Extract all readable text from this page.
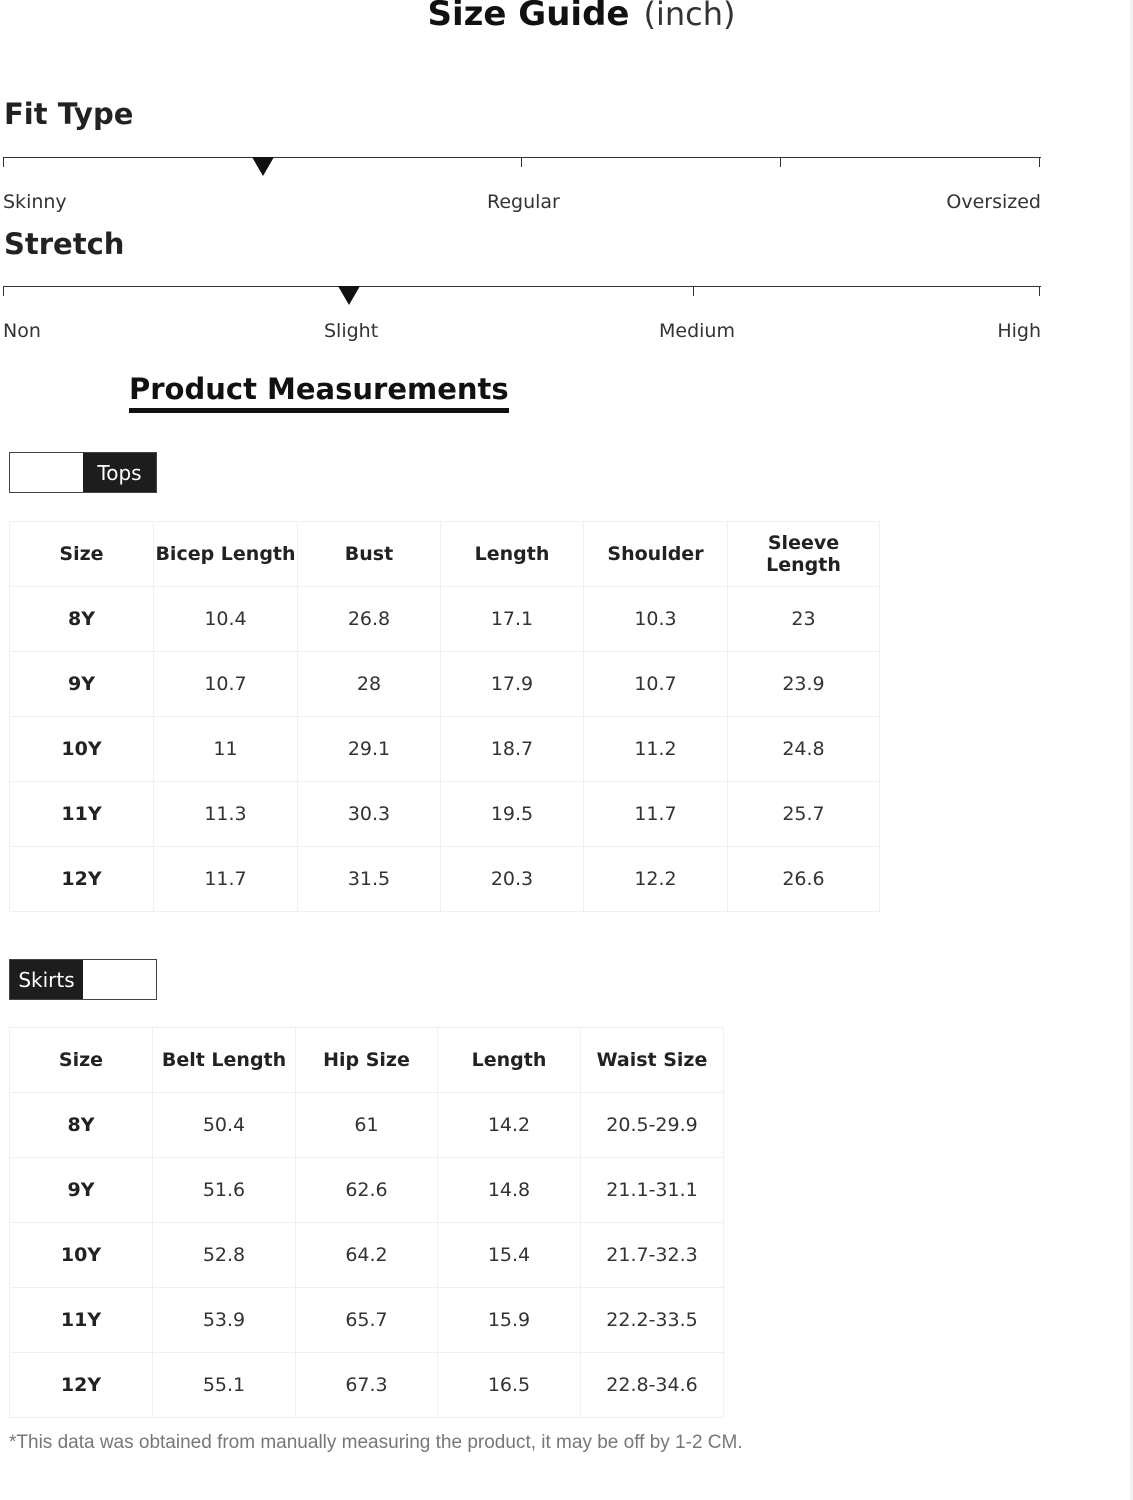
Size Guide (inch)
Fit Type
Skinny	Regular	Oversized
Stretch
Non	Slight	Medium	High
Product Measurements
Tops
Size	Bicep Length	Bust	Length	Shoulder	Sleeve Length
8Y	10.4	26.8	17.1	10.3	23
9Y	10.7	28	17.9	10.7	23.9
10Y	11	29.1	18.7	11.2	24.8
11Y	11.3	30.3	19.5	11.7	25.7
12Y	11.7	31.5	20.3	12.2	26.6
Skirts
Size	Belt Length	Hip Size	Length	Waist Size
8Y	50.4	61	14.2	20.5-29.9
9Y	51.6	62.6	14.8	21.1-31.1
10Y	52.8	64.2	15.4	21.7-32.3
11Y	53.9	65.7	15.9	22.2-33.5
12Y	55.1	67.3	16.5	22.8-34.6
*This data was obtained from manually measuring the product, it may be off by 1-2 CM.
